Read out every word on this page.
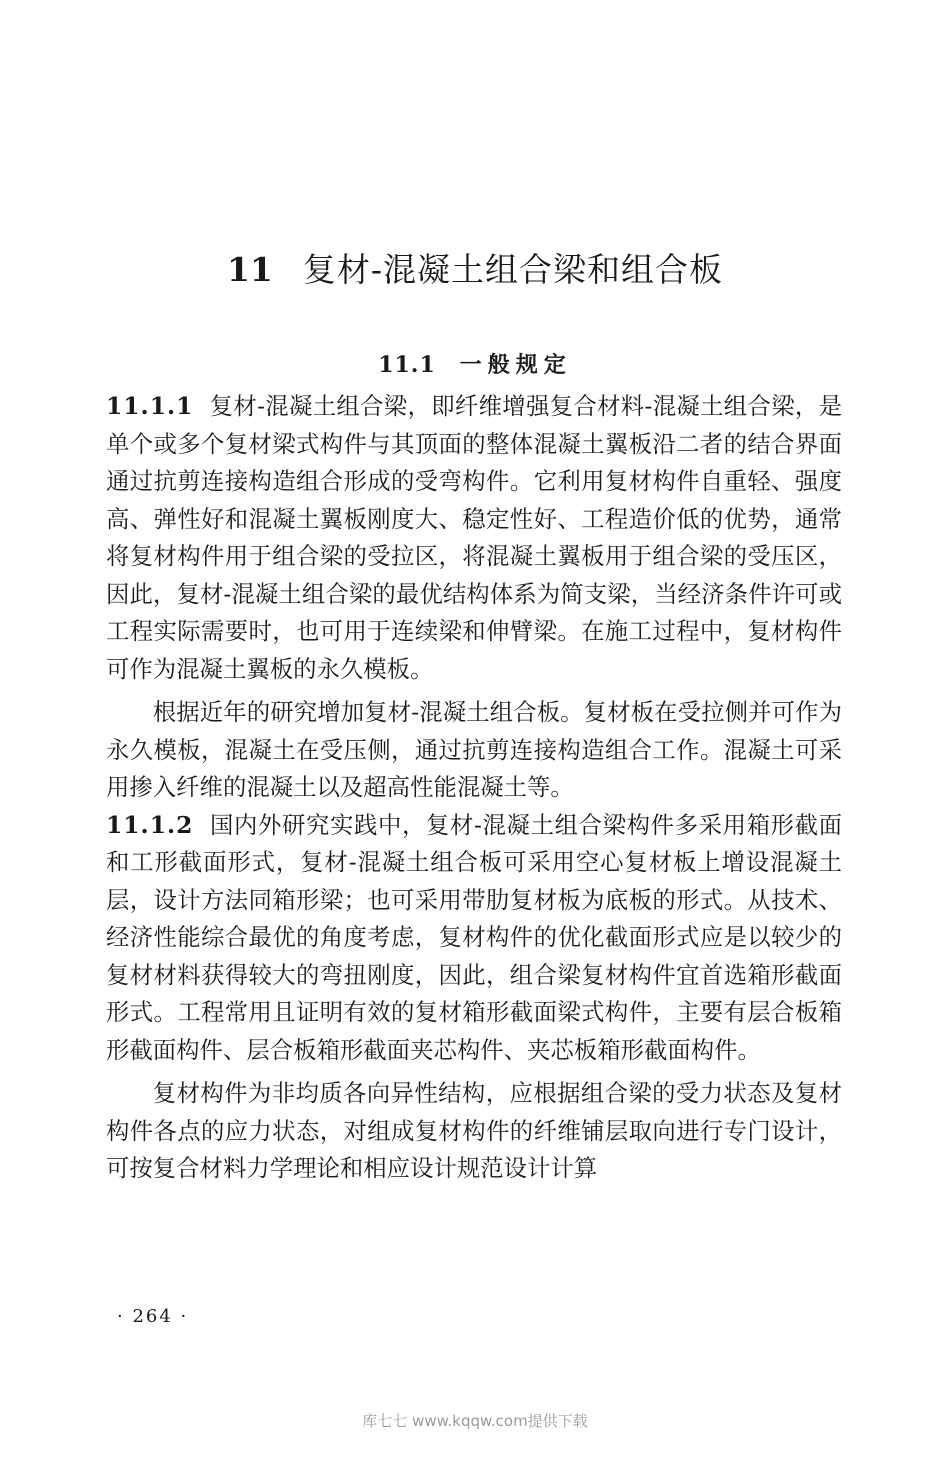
11 复材-混凝土组合梁和组合板
11.1 一般规定

11.1.1 复材-混凝土组合梁，即纤维增强复合材料-混凝土组合梁，是单个或多个复材梁式构件与其顶面的整体混凝土翼板沿二者的结合界面通过抗剪连接构造组合形成的受弯构件。它利用复材构件自重轻、强度高、弹性好和混凝土翼板刚度大、稳定性好、工程造价低的优势，通常将复材构件用于组合梁的受拉区，将混凝土翼板用于组合梁的受压区，因此，复材-混凝土组合梁的最优结构体系为简支梁，当经济条件许可或工程实际需要时，也可用于连续梁和伸臂梁。在施工过程中，复材构件可作为混凝土翼板的永久模板。

根据近年的研究增加复材-混凝土组合板。复材板在受拉侧并可作为永久模板，混凝土在受压侧，通过抗剪连接构造组合工作。混凝土可采用掺入纤维的混凝土以及超高性能混凝土等。

11.1.2 国内外研究实践中，复材-混凝土组合梁构件多采用箱形截面和工形截面形式，复材-混凝土组合板可采用空心复材板上增设混凝土层，设计方法同箱形梁；也可采用带肋复材板为底板的形式。从技术、经济性能综合最优的角度考虑，复材构件的优化截面形式应是以较少的复材材料获得较大的弯扭刚度，因此，组合梁复材构件宜首选箱形截面形式。工程常用且证明有效的复材箱形截面梁式构件，主要有层合板箱形截面构件、层合板箱形截面夹芯构件、夹芯板箱形截面构件。

复材构件为非均质各向异性结构，应根据组合梁的受力状态及复材构件各点的应力状态，对组成复材构件的纤维铺层取向进行专门设计，可按复合材料力学理论和相应设计规范设计计算

· 264 ·
库七七 www.kqqw.com提供下载
